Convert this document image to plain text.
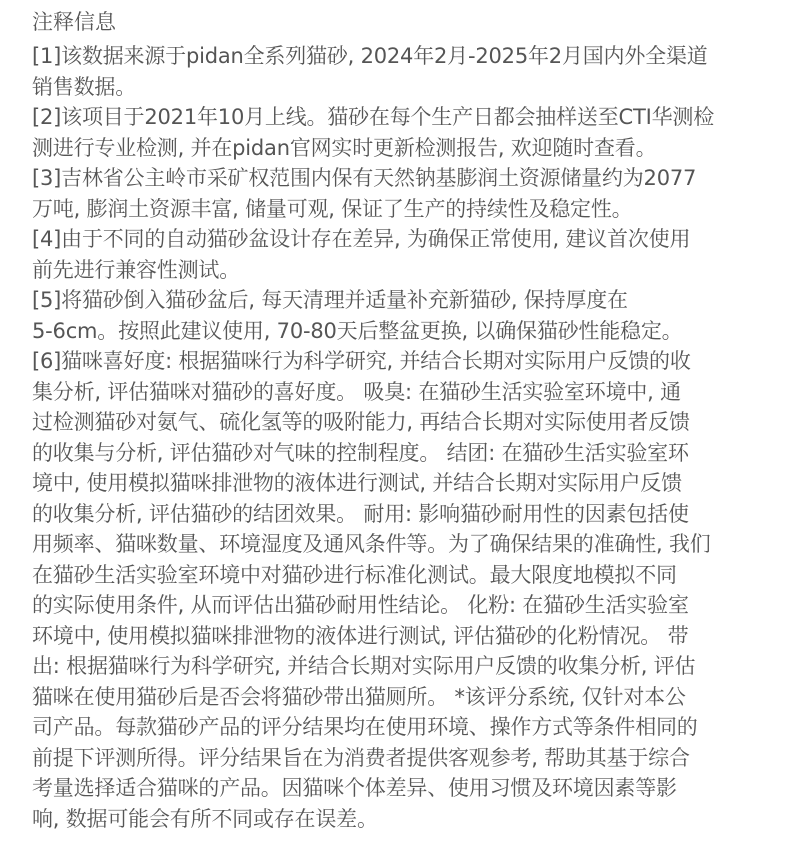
注释信息
[1]该数据来源于pidan全系列猫砂, 2024年2月-2025年2月国内外全渠道
销售数据。
[2]该项目于2021年10月上线。猫砂在每个生产日都会抽样送至CTI华测检
测进行专业检测, 并在pidan官网实时更新检测报告, 欢迎随时查看。
[3]吉林省公主岭市采矿权范围内保有天然钠基膨润土资源储量约为2077
万吨, 膨润土资源丰富, 储量可观, 保证了生产的持续性及稳定性。
[4]由于不同的自动猫砂盆设计存在差异, 为确保正常使用, 建议首次使用
前先进行兼容性测试。
[5]将猫砂倒入猫砂盆后, 每天清理并适量补充新猫砂, 保持厚度在
5-6cm。按照此建议使用, 70-80天后整盆更换, 以确保猫砂性能稳定。
[6]猫咪喜好度: 根据猫咪行为科学研究, 并结合长期对实际用户反馈的收
集分析, 评估猫咪对猫砂的喜好度。 吸臭: 在猫砂生活实验室环境中, 通
过检测猫砂对氨气、硫化氢等的吸附能力, 再结合长期对实际使用者反馈
的收集与分析, 评估猫砂对气味的控制程度。 结团: 在猫砂生活实验室环
境中, 使用模拟猫咪排泄物的液体进行测试, 并结合长期对实际用户反馈
的收集分析, 评估猫砂的结团效果。 耐用: 影响猫砂耐用性的因素包括使
用频率、猫咪数量、环境湿度及通风条件等。为了确保结果的准确性, 我们
在猫砂生活实验室环境中对猫砂进行标准化测试。最大限度地模拟不同
的实际使用条件, 从而评估出猫砂耐用性结论。 化粉: 在猫砂生活实验室
环境中, 使用模拟猫咪排泄物的液体进行测试, 评估猫砂的化粉情况。 带
出: 根据猫咪行为科学研究, 并结合长期对实际用户反馈的收集分析, 评估
猫咪在使用猫砂后是否会将猫砂带出猫厕所。 *该评分系统, 仅针对本公
司产品。每款猫砂产品的评分结果均在使用环境、操作方式等条件相同的
前提下评测所得。评分结果旨在为消费者提供客观参考, 帮助其基于综合
考量选择适合猫咪的产品。因猫咪个体差异、使用习惯及环境因素等影
响, 数据可能会有所不同或存在误差。
